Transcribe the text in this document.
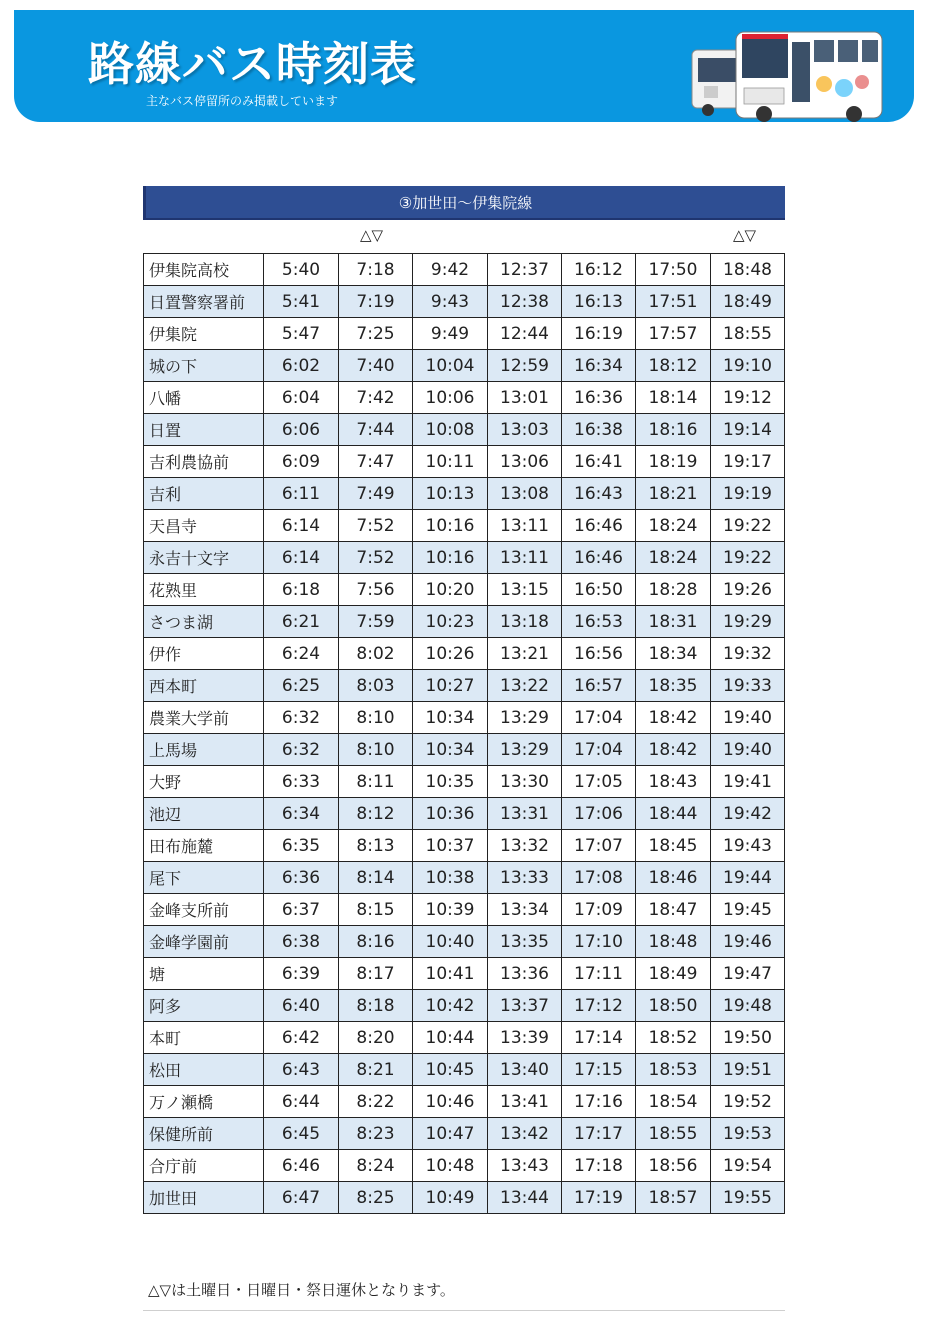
路線バス時刻表
主なバス停留所のみ掲載しています
③加世田～伊集院線
△▽	△▽
伊集院高校	5:40	7:18	9:42	12:37	16:12	17:50	18:48
日置警察署前	5:41	7:19	9:43	12:38	16:13	17:51	18:49
伊集院	5:47	7:25	9:49	12:44	16:19	17:57	18:55
城の下	6:02	7:40	10:04	12:59	16:34	18:12	19:10
八幡	6:04	7:42	10:06	13:01	16:36	18:14	19:12
日置	6:06	7:44	10:08	13:03	16:38	18:16	19:14
吉利農協前	6:09	7:47	10:11	13:06	16:41	18:19	19:17
吉利	6:11	7:49	10:13	13:08	16:43	18:21	19:19
天昌寺	6:14	7:52	10:16	13:11	16:46	18:24	19:22
永吉十文字	6:14	7:52	10:16	13:11	16:46	18:24	19:22
花熟里	6:18	7:56	10:20	13:15	16:50	18:28	19:26
さつま湖	6:21	7:59	10:23	13:18	16:53	18:31	19:29
伊作	6:24	8:02	10:26	13:21	16:56	18:34	19:32
西本町	6:25	8:03	10:27	13:22	16:57	18:35	19:33
農業大学前	6:32	8:10	10:34	13:29	17:04	18:42	19:40
上馬場	6:32	8:10	10:34	13:29	17:04	18:42	19:40
大野	6:33	8:11	10:35	13:30	17:05	18:43	19:41
池辺	6:34	8:12	10:36	13:31	17:06	18:44	19:42
田布施麓	6:35	8:13	10:37	13:32	17:07	18:45	19:43
尾下	6:36	8:14	10:38	13:33	17:08	18:46	19:44
金峰支所前	6:37	8:15	10:39	13:34	17:09	18:47	19:45
金峰学園前	6:38	8:16	10:40	13:35	17:10	18:48	19:46
塘	6:39	8:17	10:41	13:36	17:11	18:49	19:47
阿多	6:40	8:18	10:42	13:37	17:12	18:50	19:48
本町	6:42	8:20	10:44	13:39	17:14	18:52	19:50
松田	6:43	8:21	10:45	13:40	17:15	18:53	19:51
万ノ瀬橋	6:44	8:22	10:46	13:41	17:16	18:54	19:52
保健所前	6:45	8:23	10:47	13:42	17:17	18:55	19:53
合庁前	6:46	8:24	10:48	13:43	17:18	18:56	19:54
加世田	6:47	8:25	10:49	13:44	17:19	18:57	19:55
△▽は土曜日・日曜日・祭日運休となります。
